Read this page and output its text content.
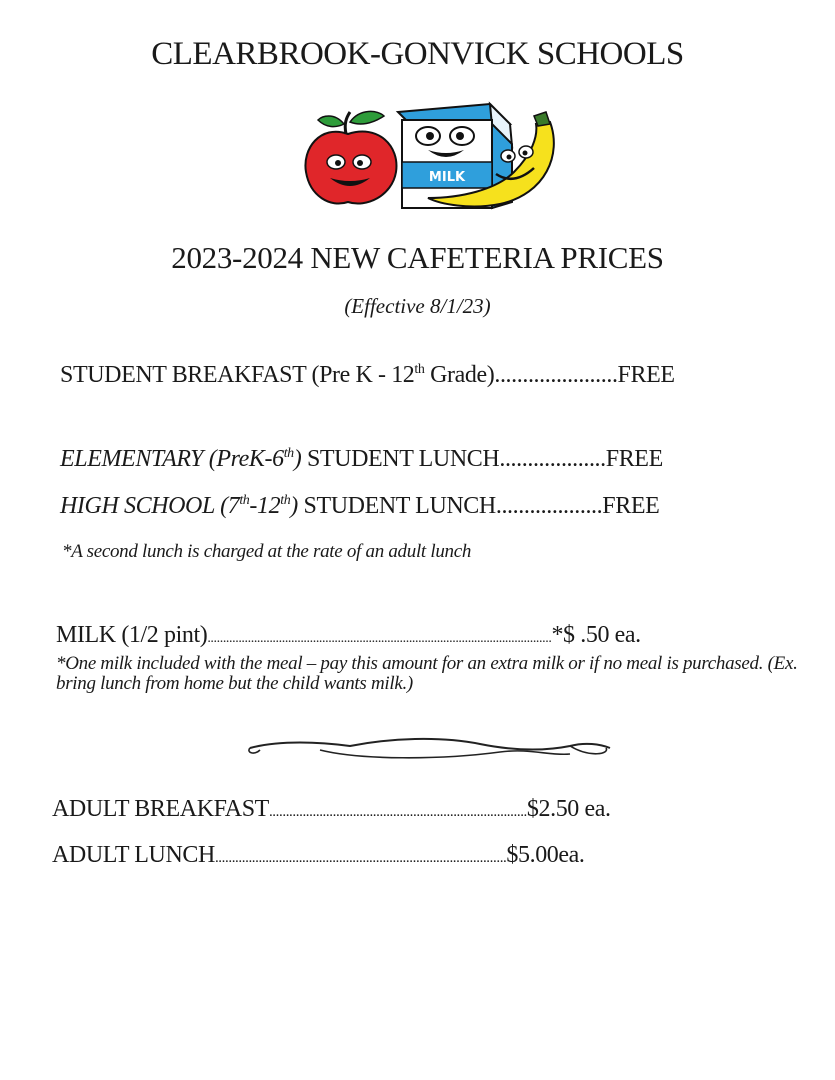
CLEARBROOK-GONVICK SCHOOLS
MILK
2023-2024 NEW CAFETERIA PRICES
(Effective 8/1/23)
STUDENT BREAKFAST (Pre K - 12th Grade)......................FREE
ELEMENTARY (PreK-6th) STUDENT LUNCH...................FREE
HIGH SCHOOL (7th-12th) STUDENT LUNCH...................FREE
*A second lunch is charged at the rate of an adult lunch
MILK (1/2 pint)...............................................................................................................*$ .50 ea.
*One milk included with the meal – pay this amount for an extra milk or if no meal is purchased. (Ex. bring lunch from home but the child wants milk.)
ADULT BREAKFAST.............................................................................$2.50 ea.
ADULT LUNCH.......................................................................................$5.00ea.
